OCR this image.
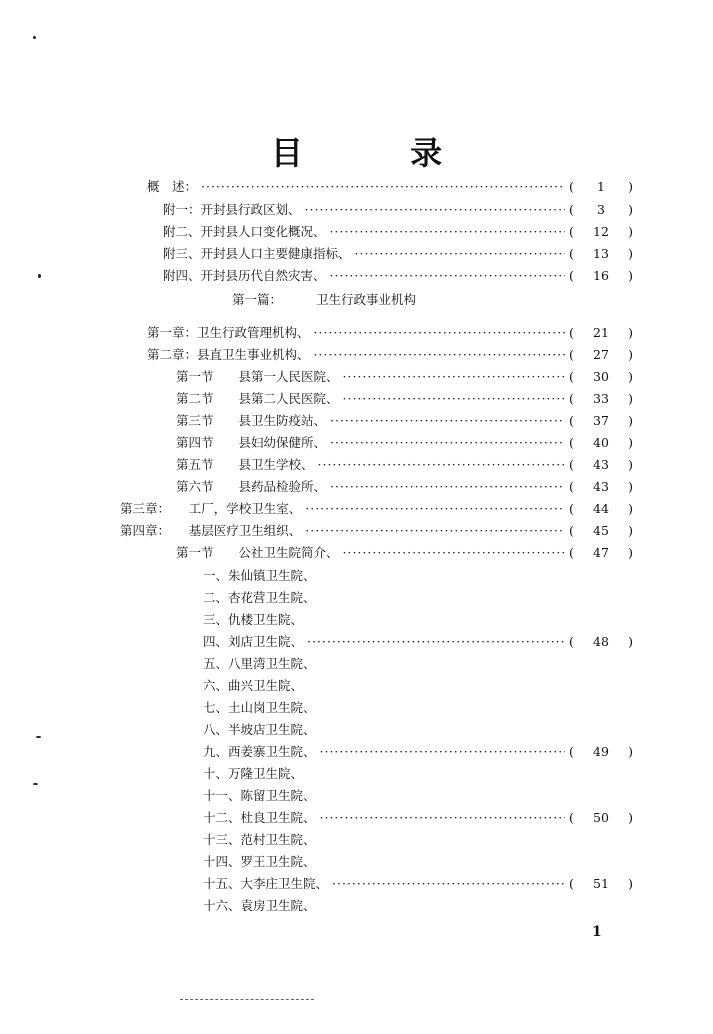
目 录
概　述： ·····	(	1	)
附一：开封县行政区划、 ·····	(	3	)
附二、开封县人口变化概况、 ·····	(	12	)
附三、开封县人口主要健康指标、 ·····	(	13	)
附四、开封县历代自然灾害、 ·····	(	16	)
第一章：卫生行政管理机构、 ·····	(	21	)
第二章：县直卫生事业机构、 ·····	(	27	)
第一节　　县第一人民医院、 ·····	(	30	)
第二节　　县第二人民医院、 ·····	(	33	)
第三节　　县卫生防疫站、 ·····	(	37	)
第四节　　县妇幼保健所、 ·····	(	40	)
第五节　　县卫生学校、 ·····	(	43	)
第六节　　县药品检验所、 ·····	(	43	)
第三章：　　工厂，学校卫生室、 ·····	(	44	)
第四章：　　基层医疗卫生组织、 ·····	(	45	)
第一节　　公社卫生院简介、 ·····	(	47	)
一、朱仙镇卫生院、
二、杏花营卫生院、
三、仇楼卫生院、
四、刘店卫生院、 ·····	(	48	)
五、八里湾卫生院、
六、曲兴卫生院、
七、土山岗卫生院、
八、半坡店卫生院、
九、西姜寨卫生院、 ·····	(	49	)
十、万隆卫生院、
十一、陈留卫生院、
十二、杜良卫生院、 ·····	(	50	)
十三、范村卫生院、
十四、罗王卫生院、
十五、大李庄卫生院、 ·····	(	51	)
十六、袁房卫生院、
第一篇：	卫生行政事业机构
1
